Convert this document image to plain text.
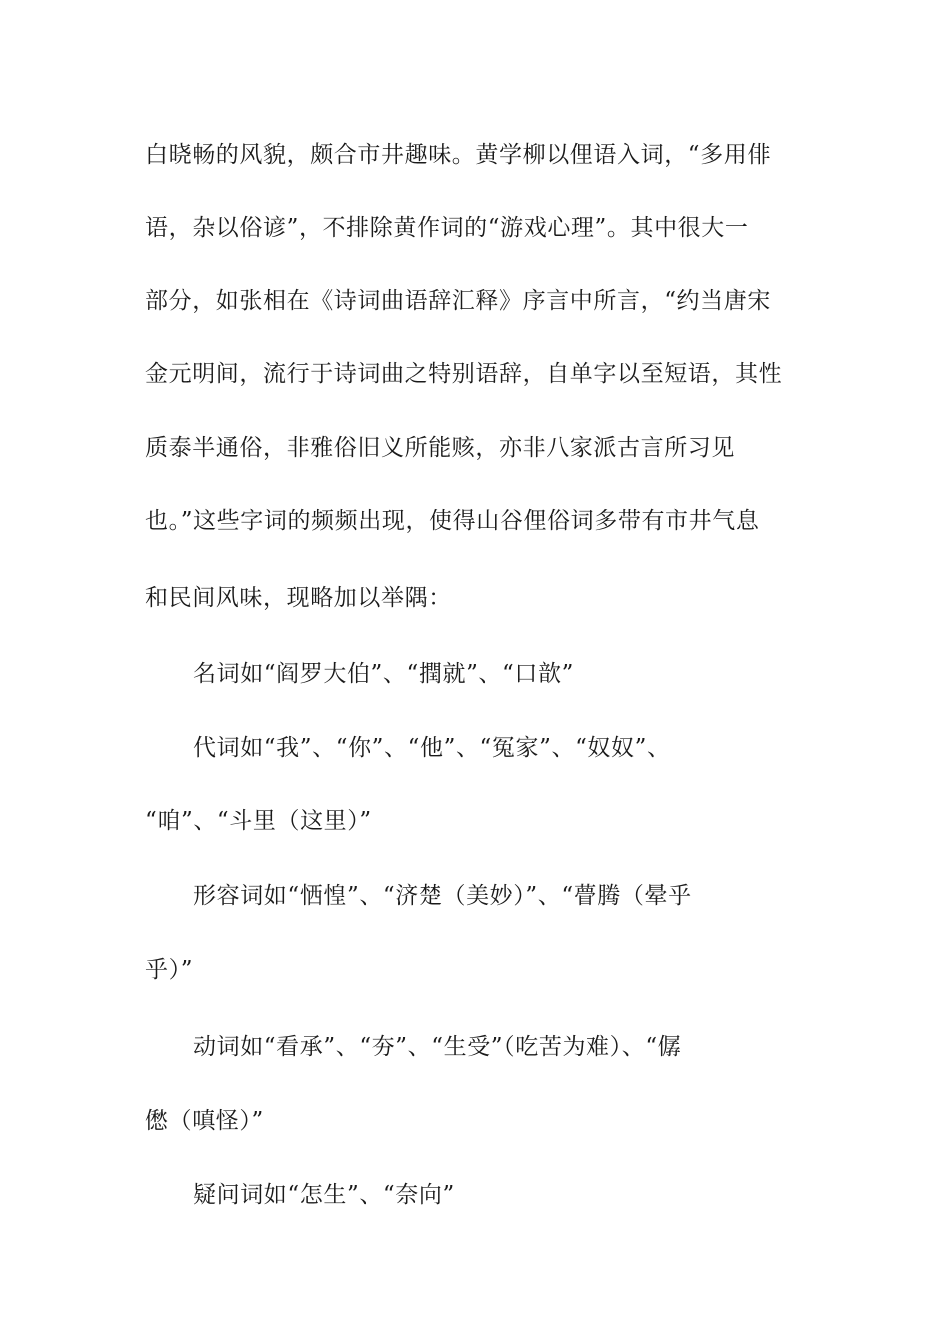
白晓畅的风貌，颇合市井趣味。黄学柳以俚语入词，“多用俳
语，杂以俗谚”，不排除黄作词的“游戏心理”。其中很大一
部分，如张相在《诗词曲语辞汇释》序言中所言，“约当唐宋
金元明间，流行于诗词曲之特别语辞，自单字以至短语，其性
质泰半通俗，非雅俗旧义所能赅，亦非八家派古言所习见
也。”这些字词的频频出现，使得山谷俚俗词多带有市井气息
和民间风味，现略加以举隅：
名词如“阎罗大伯”、“撋就”、“口歆”
代词如“我”、“你”、“他”、“冤家”、“奴奴”、
“咱”、“斗里（这里）”
形容词如“恓惶”、“济楚（美妙）”、“瞢腾（晕乎
乎）”
动词如“看承”、“夯”、“生受”（吃苦为难）、“僝
僽（嗔怪）”
疑问词如“怎生”、“奈向”
